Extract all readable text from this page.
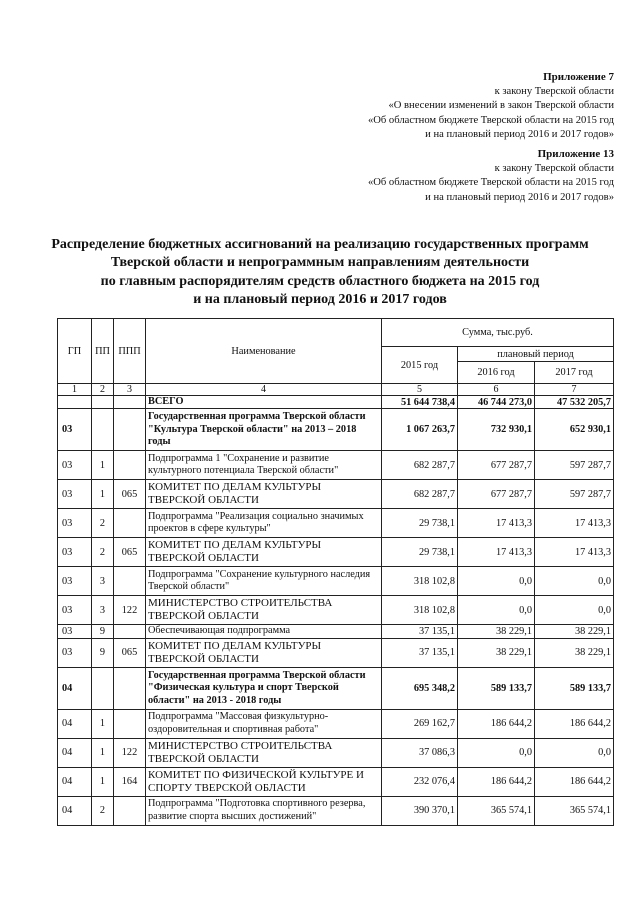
Приложение 7
к закону Тверской области
«О внесении изменений в закон Тверской области
«Об областном бюджете Тверской области на 2015 год
и на плановый период 2016 и 2017 годов»
Приложение 13
к закону Тверской области
«Об областном бюджете Тверской области на 2015 год
и на плановый период 2016 и 2017 годов»
Распределение бюджетных ассигнований на реализацию государственных программ
Тверской области и непрограммным направлениям деятельности
по главным распорядителям средств областного бюджета на 2015 год
и на плановый период 2016 и 2017 годов
ГП	ПП	ППП	Наименование	Сумма, тыс.руб.		
				2015 год	плановый период	
					2016 год	2017 год
1	2	3	4	5	6	7
			ВСЕГО	51 644 738,4	46 744 273,0	47 532 205,7
03			Государственная программа Тверской области "Культура Тверской области" на 2013 – 2018 годы	1 067 263,7	732 930,1	652 930,1
03	1		Подпрограмма 1 "Сохранение и развитие культурного потенциала Тверской области"	682 287,7	677 287,7	597 287,7
03	1	065	КОМИТЕТ ПО ДЕЛАМ КУЛЬТУРЫ ТВЕРСКОЙ ОБЛАСТИ	682 287,7	677 287,7	597 287,7
03	2		Подпрограмма "Реализация социально значимых проектов в сфере культуры"	29 738,1	17 413,3	17 413,3
03	2	065	КОМИТЕТ ПО ДЕЛАМ КУЛЬТУРЫ ТВЕРСКОЙ ОБЛАСТИ	29 738,1	17 413,3	17 413,3
03	3		Подпрограмма "Сохранение культурного наследия Тверской области"	318 102,8	0,0	0,0
03	3	122	МИНИСТЕРСТВО СТРОИТЕЛЬСТВА ТВЕРСКОЙ ОБЛАСТИ	318 102,8	0,0	0,0
03	9		Обеспечивающая подпрограмма	37 135,1	38 229,1	38 229,1
03	9	065	КОМИТЕТ ПО ДЕЛАМ КУЛЬТУРЫ ТВЕРСКОЙ ОБЛАСТИ	37 135,1	38 229,1	38 229,1
04			Государственная программа Тверской области "Физическая культура и спорт Тверской области" на 2013 - 2018 годы	695 348,2	589 133,7	589 133,7
04	1		Подпрограмма "Массовая физкультурно-оздоровительная и спортивная работа"	269 162,7	186 644,2	186 644,2
04	1	122	МИНИСТЕРСТВО СТРОИТЕЛЬСТВА ТВЕРСКОЙ ОБЛАСТИ	37 086,3	0,0	0,0
04	1	164	КОМИТЕТ ПО ФИЗИЧЕСКОЙ КУЛЬТУРЕ И СПОРТУ ТВЕРСКОЙ ОБЛАСТИ	232 076,4	186 644,2	186 644,2
04	2		Подпрограмма "Подготовка спортивного резерва, развитие спорта высших достижений"	390 370,1	365 574,1	365 574,1
